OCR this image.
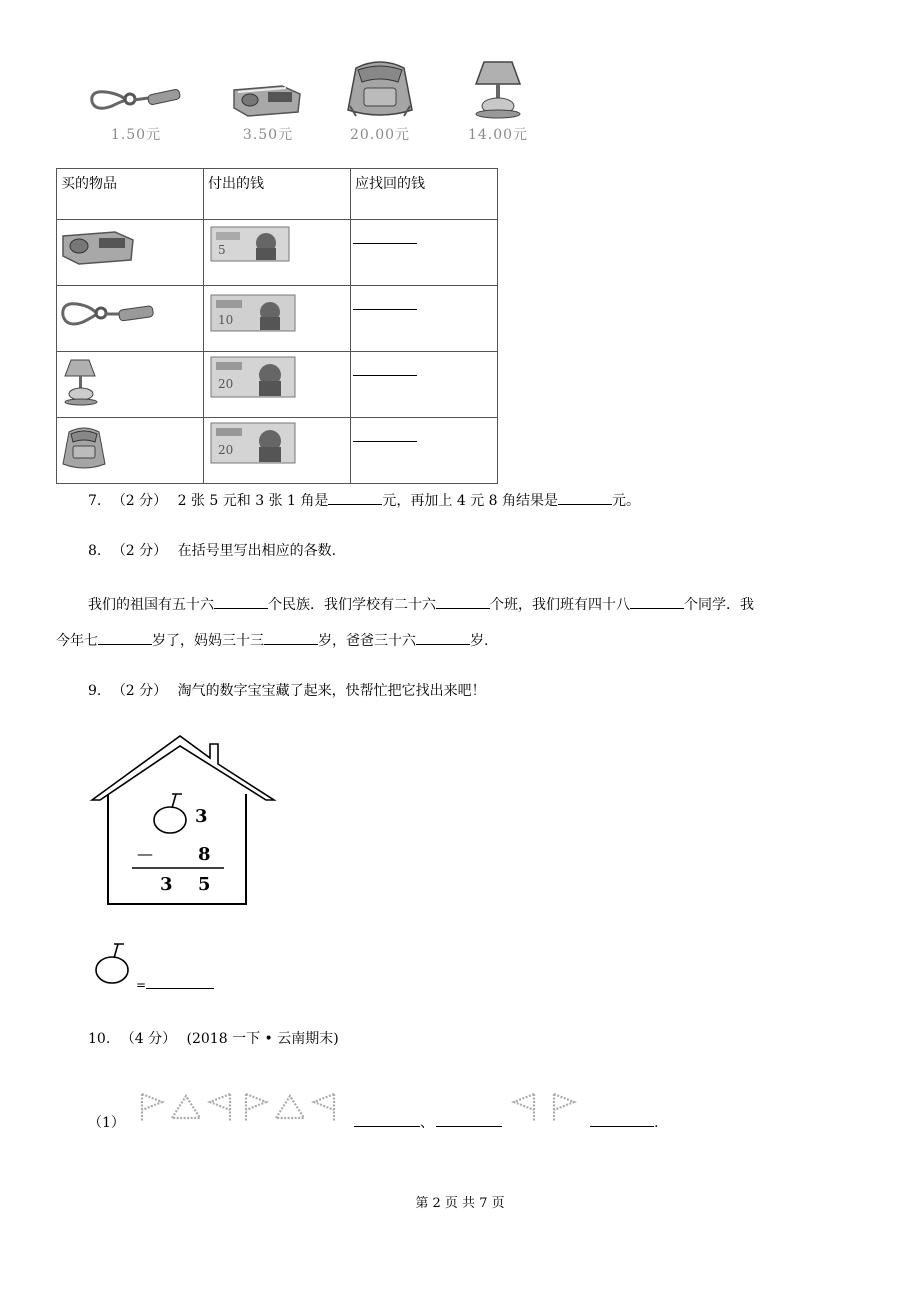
1.50元	3.50元	20.00元	14.00元
买的物品	付出的钱	应找回的钱

5	

10	

20	

20	

7. （2 分） 2 张 5 元和 3 张 1 角是	元，再加上 4 元 8 角结果是	元。
8. （2 分） 在括号里写出相应的各数.
我们的祖国有五十六	个民族．我们学校有二十六	个班，我们班有四十八	个同学．我
今年七	岁了，妈妈三十三	岁，爸爸三十六	岁.
9. （2 分） 淘气的数字宝宝藏了起来，快帮忙把它找出来吧！
3
—	8
3 5
=
10. （4 分） (2018 一下 • 云南期末)
（1）	、	.
第 2 页 共 7 页
